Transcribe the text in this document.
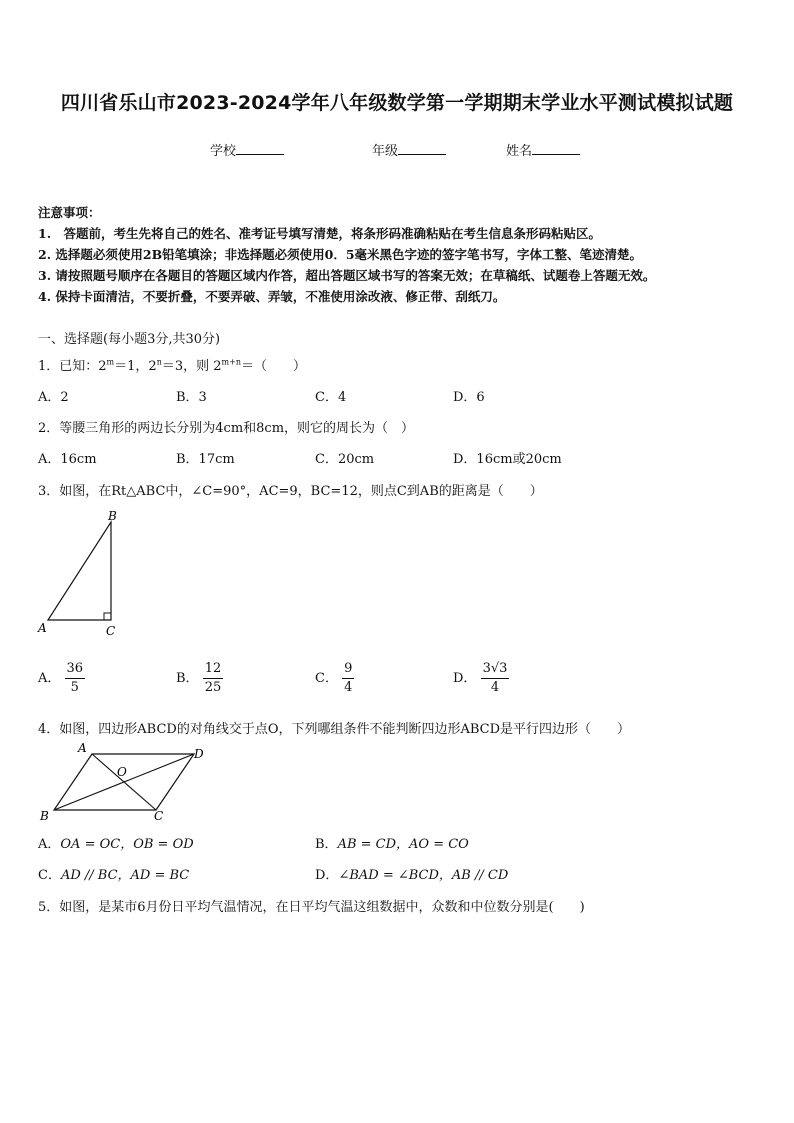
四川省乐山市2023-2024学年八年级数学第一学期期末学业水平测试模拟试题
学校	年级	姓名
注意事项：
1.　答题前，考生先将自己的姓名、准考证号填写清楚，将条形码准确粘贴在考生信息条形码粘贴区。
2. 选择题必须使用2B铅笔填涂；非选择题必须使用0．5毫米黑色字迹的签字笔书写，字体工整、笔迹清楚。
3. 请按照题号顺序在各题目的答题区域内作答，超出答题区域书写的答案无效；在草稿纸、试题卷上答题无效。
4. 保持卡面清洁，不要折叠，不要弄破、弄皱，不准使用涂改液、修正带、刮纸刀。
一、选择题(每小题3分,共30分)
1．已知：$2^m=1$，$2^n=3$，则 $2^{m+n}=$（　　）
A．2	B．3	C．4	D．6
2．等腰三角形的两边长分别为4cm和8cm，则它的周长为（　）
A．16cm	B．17cm	C．20cm	D．16cm或20cm
3．如图，在Rt△ABC中，∠C=90°，AC=9，BC=12，则点C到AB的距离是（　　）
B
A	C
A． $\frac{36}{5}$	B． $\frac{12}{25}$	C． $\frac{9}{4}$	D． $\frac{3√3}{4}$
4．如图，四边形ABCD的对角线交于点O，下列哪组条件不能判断四边形ABCD是平行四边形（　　）
A	D
O
B	C
A．OA = OC，OB = OD	B．AB = CD，AO = CO
C．AD // BC，AD = BC	D．∠BAD = ∠BCD，AB // CD
5．如图，是某市6月份日平均气温情况，在日平均气温这组数据中，众数和中位数分别是(　　)
